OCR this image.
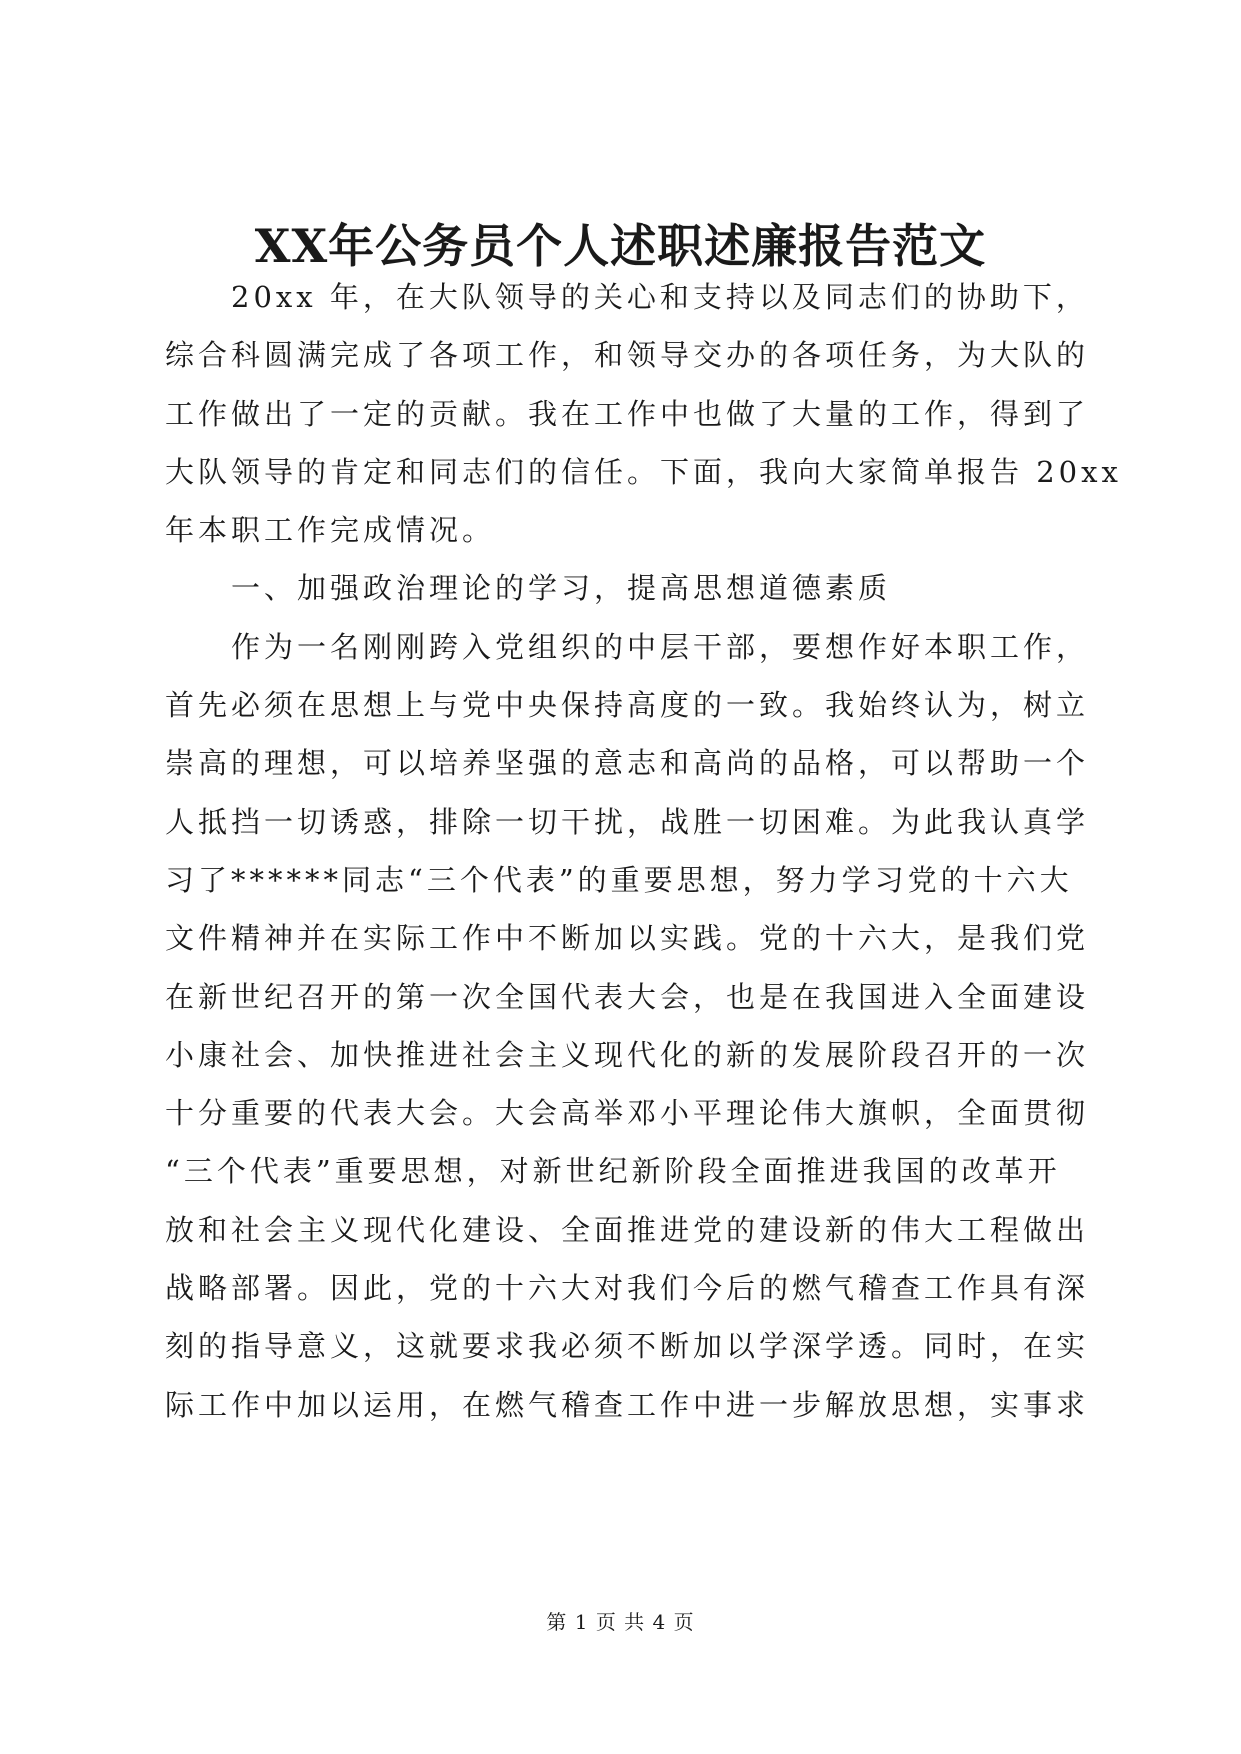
XX年公务员个人述职述廉报告范文
20xx 年，在大队领导的关心和支持以及同志们的协助下，
综合科圆满完成了各项工作，和领导交办的各项任务，为大队的
工作做出了一定的贡献。我在工作中也做了大量的工作，得到了
大队领导的肯定和同志们的信任。下面，我向大家简单报告 20xx
年本职工作完成情况。
一、加强政治理论的学习，提高思想道德素质
作为一名刚刚跨入党组织的中层干部，要想作好本职工作，
首先必须在思想上与党中央保持高度的一致。我始终认为，树立
崇高的理想，可以培养坚强的意志和高尚的品格，可以帮助一个
人抵挡一切诱惑，排除一切干扰，战胜一切困难。为此我认真学
习了******同志“三个代表”的重要思想，努力学习党的十六大
文件精神并在实际工作中不断加以实践。党的十六大，是我们党
在新世纪召开的第一次全国代表大会，也是在我国进入全面建设
小康社会、加快推进社会主义现代化的新的发展阶段召开的一次
十分重要的代表大会。大会高举邓小平理论伟大旗帜，全面贯彻
“三个代表”重要思想，对新世纪新阶段全面推进我国的改革开
放和社会主义现代化建设、全面推进党的建设新的伟大工程做出
战略部署。因此，党的十六大对我们今后的燃气稽查工作具有深
刻的指导意义，这就要求我必须不断加以学深学透。同时，在实
际工作中加以运用，在燃气稽查工作中进一步解放思想，实事求
第 1 页 共 4 页
